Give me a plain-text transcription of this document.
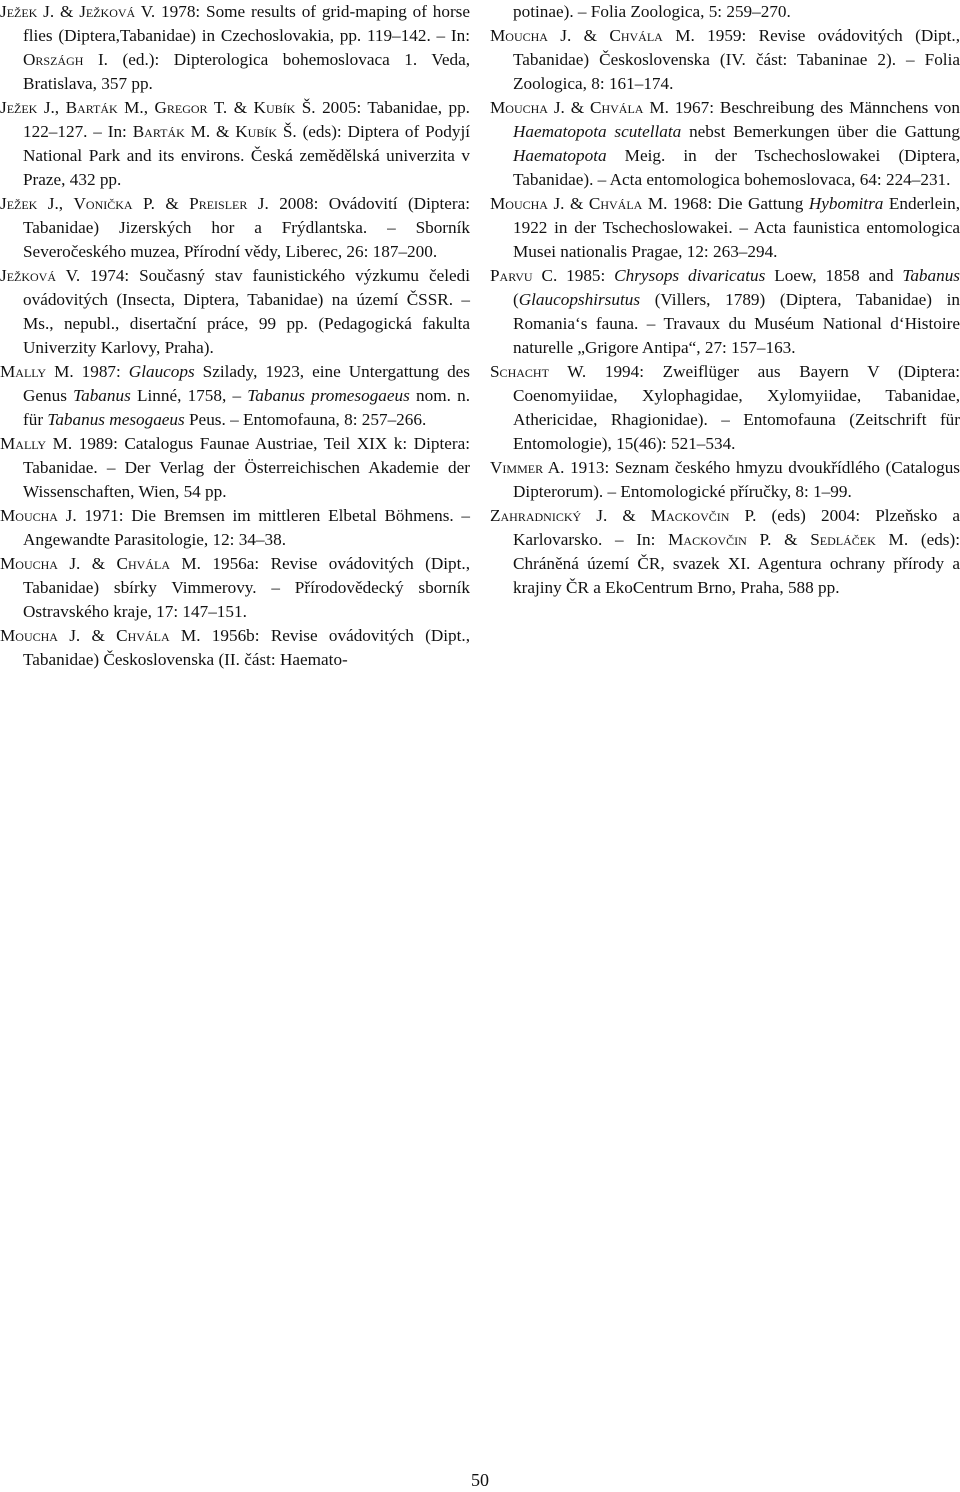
Ježek J. & Ježková V. 1978: Some results of grid-maping of horse flies (Diptera,Tabanidae) in Czechoslovakia, pp. 119–142. – In: Országh I. (ed.): Dipterologica bohemoslovaca 1. Veda, Bratislava, 357 pp.

Ježek J., Barták M., Gregor T. & Kubík Š. 2005: Tabanidae, pp. 122–127. – In: Barták M. & Kubík Š. (eds): Diptera of Podyjí National Park and its environs. Česká zemědělská univerzita v Praze, 432 pp.

Ježek J., Vonička P. & Preisler J. 2008: Ovádovití (Diptera: Tabanidae) Jizerských hor a Frýdlantska. – Sborník Severočeského muzea, Přírodní vědy, Liberec, 26: 187–200.

Ježková V. 1974: Současný stav faunistického výzkumu čeledi ovádovitých (Insecta, Diptera, Tabanidae) na území ČSSR. – Ms., nepubl., disertační práce, 99 pp. (Pedagogická fakulta Univerzity Karlovy, Praha).

Mally M. 1987: Glaucops Szilady, 1923, eine Untergattung des Genus Tabanus Linné, 1758, – Tabanus promesogaeus nom. n. für Tabanus mesogaeus Peus. – Entomofauna, 8: 257–266.

Mally M. 1989: Catalogus Faunae Austriae, Teil XIX k: Diptera: Tabanidae. – Der Verlag der Österreichischen Akademie der Wissenschaften, Wien, 54 pp.

Moucha J. 1971: Die Bremsen im mittleren Elbetal Böhmens. – Angewandte Parasitologie, 12: 34–38.

Moucha J. & Chvála M. 1956a: Revise ovádovitých (Dipt., Tabanidae) sbírky Vimmerovy. – Přírodovědecký sborník Ostravského kraje, 17: 147–151.

Moucha J. & Chvála M. 1956b: Revise ovádovitých (Dipt., Tabanidae) Československa (II. část: Haemato-

potinae). – Folia Zoologica, 5: 259–270.

Moucha J. & Chvála M. 1959: Revise ovádovitých (Dipt., Tabanidae) Československa (IV. část: Tabaninae 2). – Folia Zoologica, 8: 161–174.

Moucha J. & Chvála M. 1967: Beschreibung des Männchens von Haematopota scutellata nebst Bemerkungen über die Gattung Haematopota Meig. in der Tschechoslowakei (Diptera, Tabanidae). – Acta entomologica bohemoslovaca, 64: 224–231.

Moucha J. & Chvála M. 1968: Die Gattung Hybomitra Enderlein, 1922 in der Tschechoslowakei. – Acta faunistica entomologica Musei nationalis Pragae, 12: 263–294.

Parvu C. 1985: Chrysops divaricatus Loew, 1858 and Tabanus (Glaucopshirsutus (Villers, 1789) (Diptera, Tabanidae) in Romania‘s fauna. – Travaux du Muséum National d‘Histoire naturelle „Grigore Antipa“, 27: 157–163.

Schacht W. 1994: Zweiflüger aus Bayern V (Diptera: Coenomyiidae, Xylophagidae, Xylomyiidae, Tabanidae, Athericidae, Rhagionidae). – Entomofauna (Zeitschrift für Entomologie), 15(46): 521–534.

Vimmer A. 1913: Seznam českého hmyzu dvoukřídlého (Catalogus Dipterorum). – Entomologické příručky, 8: 1–99.

Zahradnický J. & Mackovčin P. (eds) 2004: Plzeňsko a Karlovarsko. – In: Mackovčin P. & Sedláček M. (eds): Chráněná území ČR, svazek XI. Agentura ochrany přírody a krajiny ČR a EkoCentrum Brno, Praha, 588 pp.

50
